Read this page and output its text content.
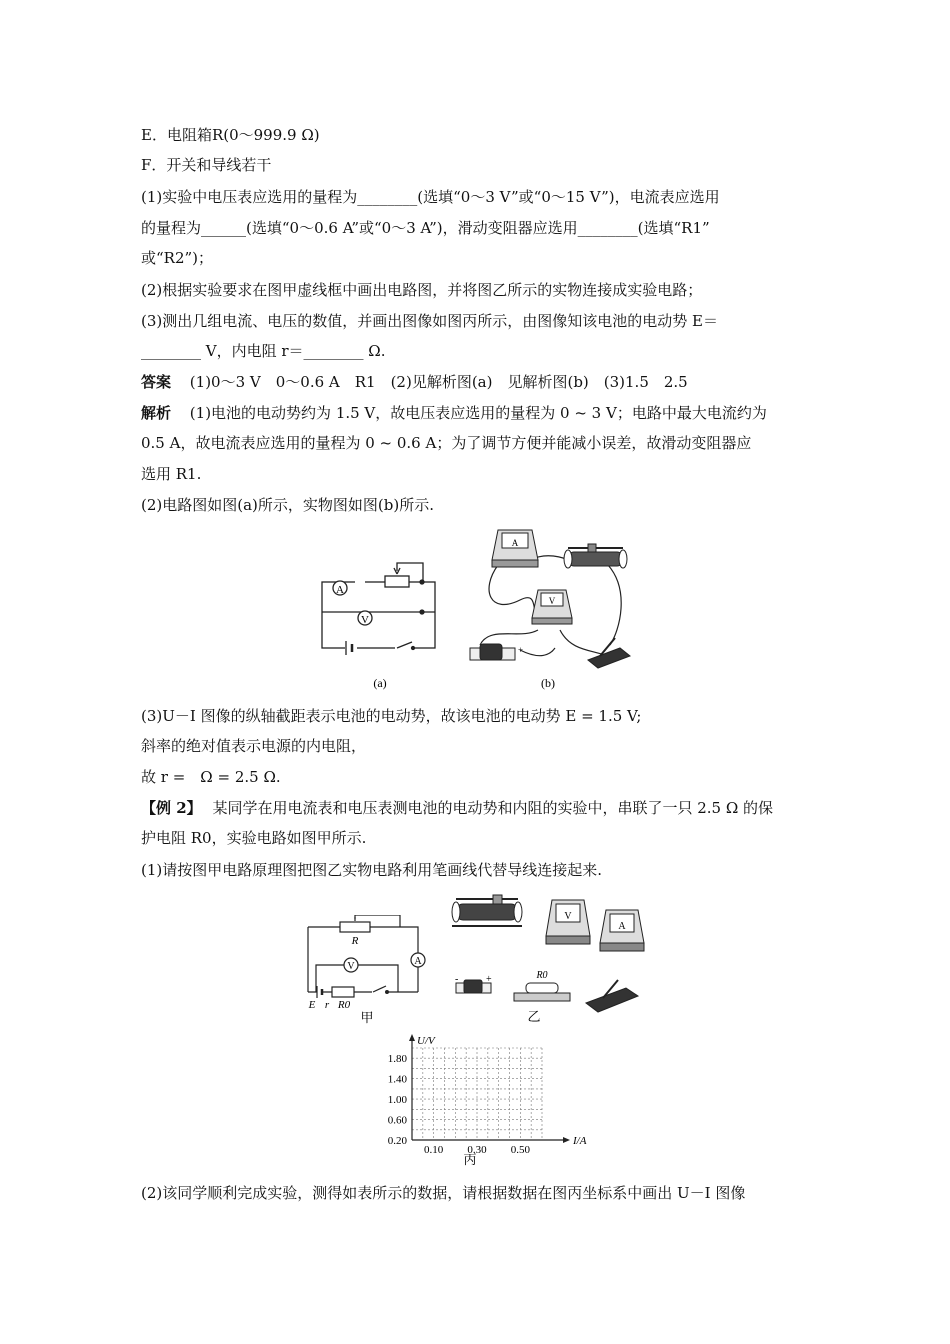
E．电阻箱R(0～999.9 Ω)
F．开关和导线若干
(1)实验中电压表应选用的量程为________(选填“0～3 V”或“0～15 V”)，电流表应选用
的量程为______(选填“0～0.6 A”或“0～3 A”)，滑动变阻器应选用________(选填“R1”
或“R2”)；
(2)根据实验要求在图甲虚线框中画出电路图，并将图乙所示的实物连接成实验电路；
(3)测出几组电流、电压的数值，并画出图像如图丙所示，由图像知该电池的电动势 E＝
________ V，内电阻 r＝________ Ω.
答案 (1)0～3 V　0～0.6 A　R1　(2)见解析图(a)　见解析图(b)　(3)1.5　2.5
解析 (1)电池的电动势约为 1.5 V，故电压表应选用的量程为 0 ~ 3 V；电路中最大电流约为
0.5 A，故电流表应选用的量程为 0 ~ 0.6 A；为了调节方便并能减小误差，故滑动变阻器应
选用 R1.
(2)电路图如图(a)所示，实物图如图(b)所示.
A
V
(a)
A
V
+
(b)
(3)U－I 图像的纵轴截距表示电池的电动势，故该电池的电动势 E = 1.5 V;
斜率的绝对值表示电源的内电阻，
故 r =　Ω = 2.5 Ω.
【例 2】 某同学在用电流表和电压表测电池的电动势和内阻的实验中，串联了一只 2.5 Ω 的保
护电阻 R0，实验电路如图甲所示.
(1)请按图甲电路原理图把图乙实物电路利用笔画线代替导线连接起来.
R
A
V
E r R0
甲
V
A
-	+	R0
乙
U/V
I/A
1.80
1.40
1.00
0.60
0.20
0.10 0.30 0.50
丙
(2)该同学顺利完成实验，测得如表所示的数据，请根据数据在图丙坐标系中画出 U－I 图像
